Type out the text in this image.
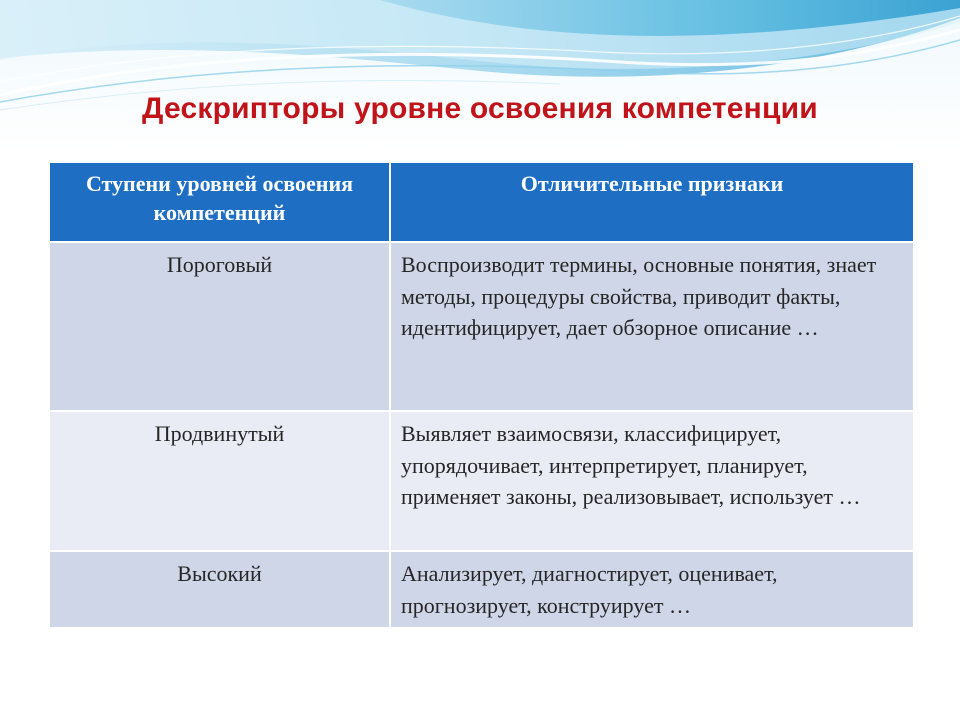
Дескрипторы уровне освоения компетенции
Ступени уровней освоения компетенций	Отличительные признаки
Пороговый	Воспроизводит термины, основные понятия, знает методы, процедуры свойства, приводит факты, идентифицирует, дает обзорное описание …
Продвинутый	Выявляет взаимосвязи, классифицирует, упорядочивает, интерпретирует, планирует, применяет законы, реализовывает, использует …
Высокий	Анализирует, диагностирует, оценивает, прогнозирует, конструирует …
